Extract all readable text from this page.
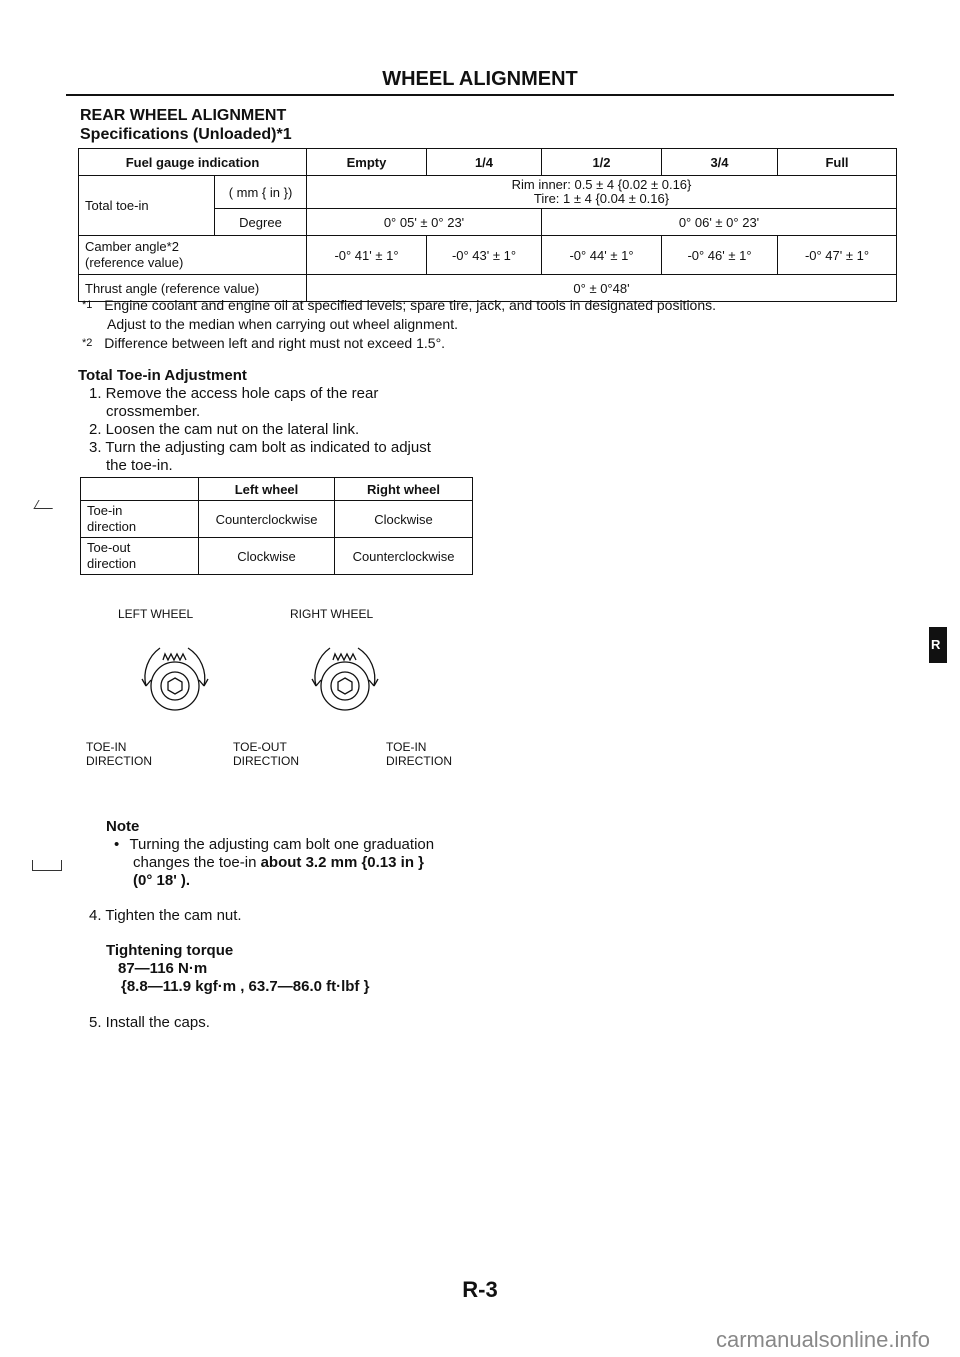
WHEEL ALIGNMENT
REAR WHEEL ALIGNMENT
Specifications (Unloaded)*1
Fuel gauge indication		Empty	1/4	1/2	3/4	Full
Total toe-in	( mm { in })	Rim inner: 0.5 ± 4 {0.02 ± 0.16}
Tire: 1 ± 4 {0.04 ± 0.16}				

	Degree	0° 05' ± 0° 23'		0° 06' ± 0° 23'		

Camber angle*2
(reference value)		-0° 41' ± 1°	-0° 43' ± 1°	-0° 44' ± 1°	-0° 46' ± 1°	-0° 47' ± 1°
Thrust angle (reference value)		0° ± 0°48'				
$^{*1}$ Engine coolant and engine oil at specified levels; spare tire, jack, and tools in designated positions.
Adjust to the median when carrying out wheel alignment.
$^{*2}$ Difference between left and right must not exceed 1.5°.
Total Toe-in Adjustment
1. Remove the access hole caps of the rear
crossmember.
2. Loosen the cam nut on the lateral link.
3. Turn the adjusting cam bolt as indicated to adjust
the toe-in.
	Left wheel	Right wheel

Toe-in
direction	Counterclockwise	Clockwise

Toe-out
direction	Clockwise	Counterclockwise
LEFT WHEEL	RIGHT WHEEL
TOE-IN
DIRECTION
TOE-OUT
DIRECTION
TOE-IN
DIRECTION
Note
• Turning the adjusting cam bolt one graduation
changes the toe-in about 3.2 mm {0.13 in }
(0° 18' ).
4. Tighten the cam nut.
Tightening torque
87—116 N·m
{8.8—11.9 kgf·m , 63.7—86.0 ft·lbf }
5. Install the caps.
R
R-3
carmanualsonline.info
